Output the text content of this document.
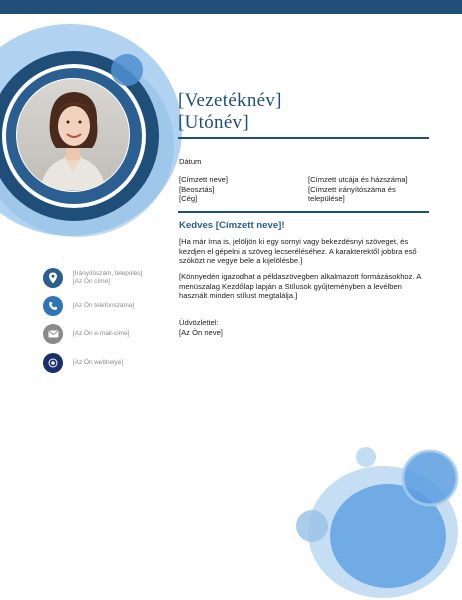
[Vezetéknév]
[Utónév]
Dátum
[Címzett neve]
[Beosztás]
[Cég]
[Címzett utcája és házszáma]
[Címzett irányítószáma és
települése]
Kedves [Címzett neve]!
[Ha már írna is, jelöljön ki egy sornyi vagy bekezdésnyi szöveget, és kezdjen el gépelni a szöveg lecseréléséhez. A karakterektől jobbra eső szóközt ne vegye bele a kijelölésbe.]
[Könnyedén igazodhat a példaszövegben alkalmazott formázásokhoz. A menüszalag Kezdőlap lapján a Stílusok gyűjteményben a levélben használt minden stílust megtalálja.]
Üdvözlettel:
[Az Ön neve]
[Irányítószám, település]
[Az Ön címe]
[Az Ön telefonszáma]
[Az Ön e-mail-címe]
[Az Ön webhelye]
